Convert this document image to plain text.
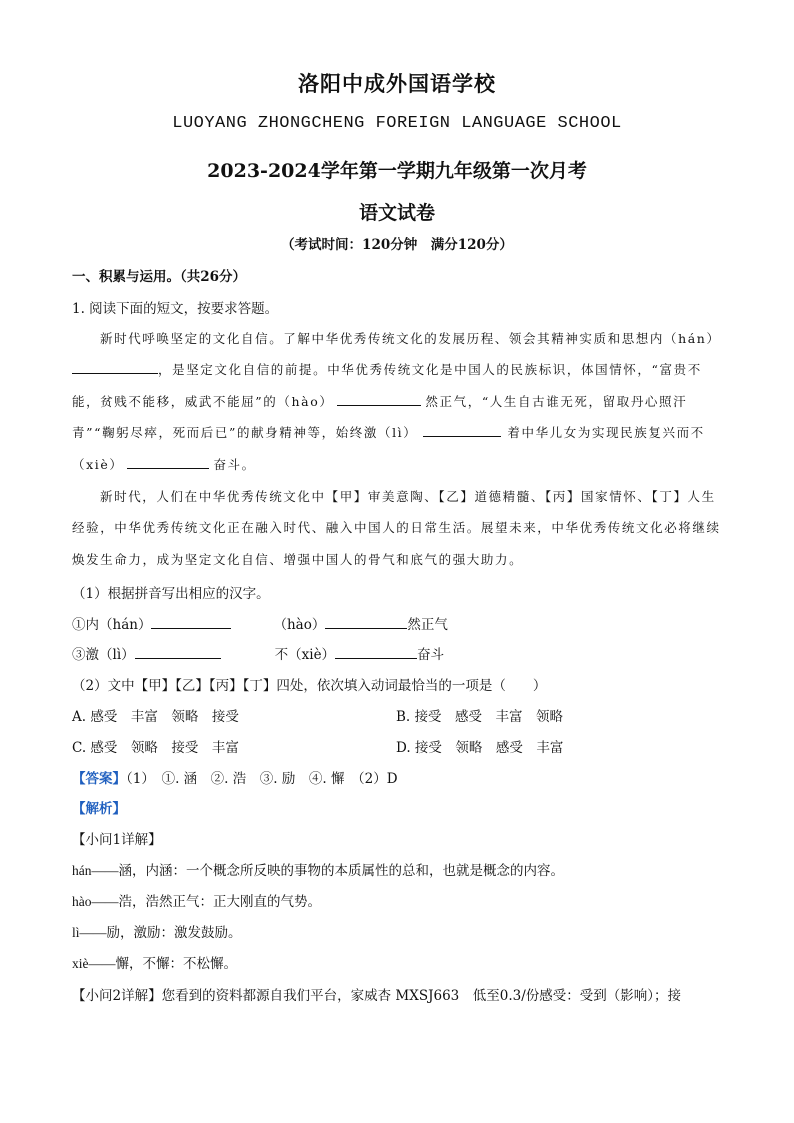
洛阳中成外国语学校
LUOYANG ZHONGCHENG FOREIGN LANGUAGE SCHOOL
2023-2024学年第一学期九年级第一次月考
语文试卷
（考试时间：120分钟　满分120分）
一、积累与运用。（共26分）
1. 阅读下面的短文，按要求答题。
新时代呼唤坚定的文化自信。了解中华优秀传统文化的发展历程、领会其精神实质和思想内（hán）
，是坚定文化自信的前提。中华优秀传统文化是中国人的民族标识，体国情怀，“富贵不
能，贫贱不能移，威武不能屈”的（hào）	然正气，“人生自古谁无死，留取丹心照汗
青”“鞠躬尽瘁，死而后已”的献身精神等，始终激（lì）	着中华儿女为实现民族复兴而不
（xiè）	奋斗。
新时代，人们在中华优秀传统文化中【甲】审美意陶、【乙】道德精髓、【丙】国家情怀、【丁】人生
经验，中华优秀传统文化正在融入时代、融入中国人的日常生活。展望未来，中华优秀传统文化必将继续
焕发生命力，成为坚定文化自信、增强中国人的骨气和底气的强大助力。
（1）根据拼音写出相应的汉字。
①内（hán）	（hào）	然正气
③激（lì）	不（xiè）	奋斗
（2）文中【甲】【乙】【丙】【丁】四处，依次填入动词最恰当的一项是（　　）
A. 感受　丰富　领略　接受	B. 接受　感受　丰富　领略
C. 感受　领略　接受　丰富	D. 接受　领略　感受　丰富
【答案】（1）　①. 涵　②. 浩　③. 励　④. 懈　（2）D
【解析】
【小问1详解】
hán——涵，内涵：一个概念所反映的事物的本质属性的总和，也就是概念的内容。
hào——浩，浩然正气：正大刚直的气势。
lì——励，激励：激发鼓励。
xiè——懈，不懈：不松懈。
【小问2详解】您看到的资料都源自我们平台，家威杏 MXSJ663　低至0.3/份感受：受到（影响）；接
